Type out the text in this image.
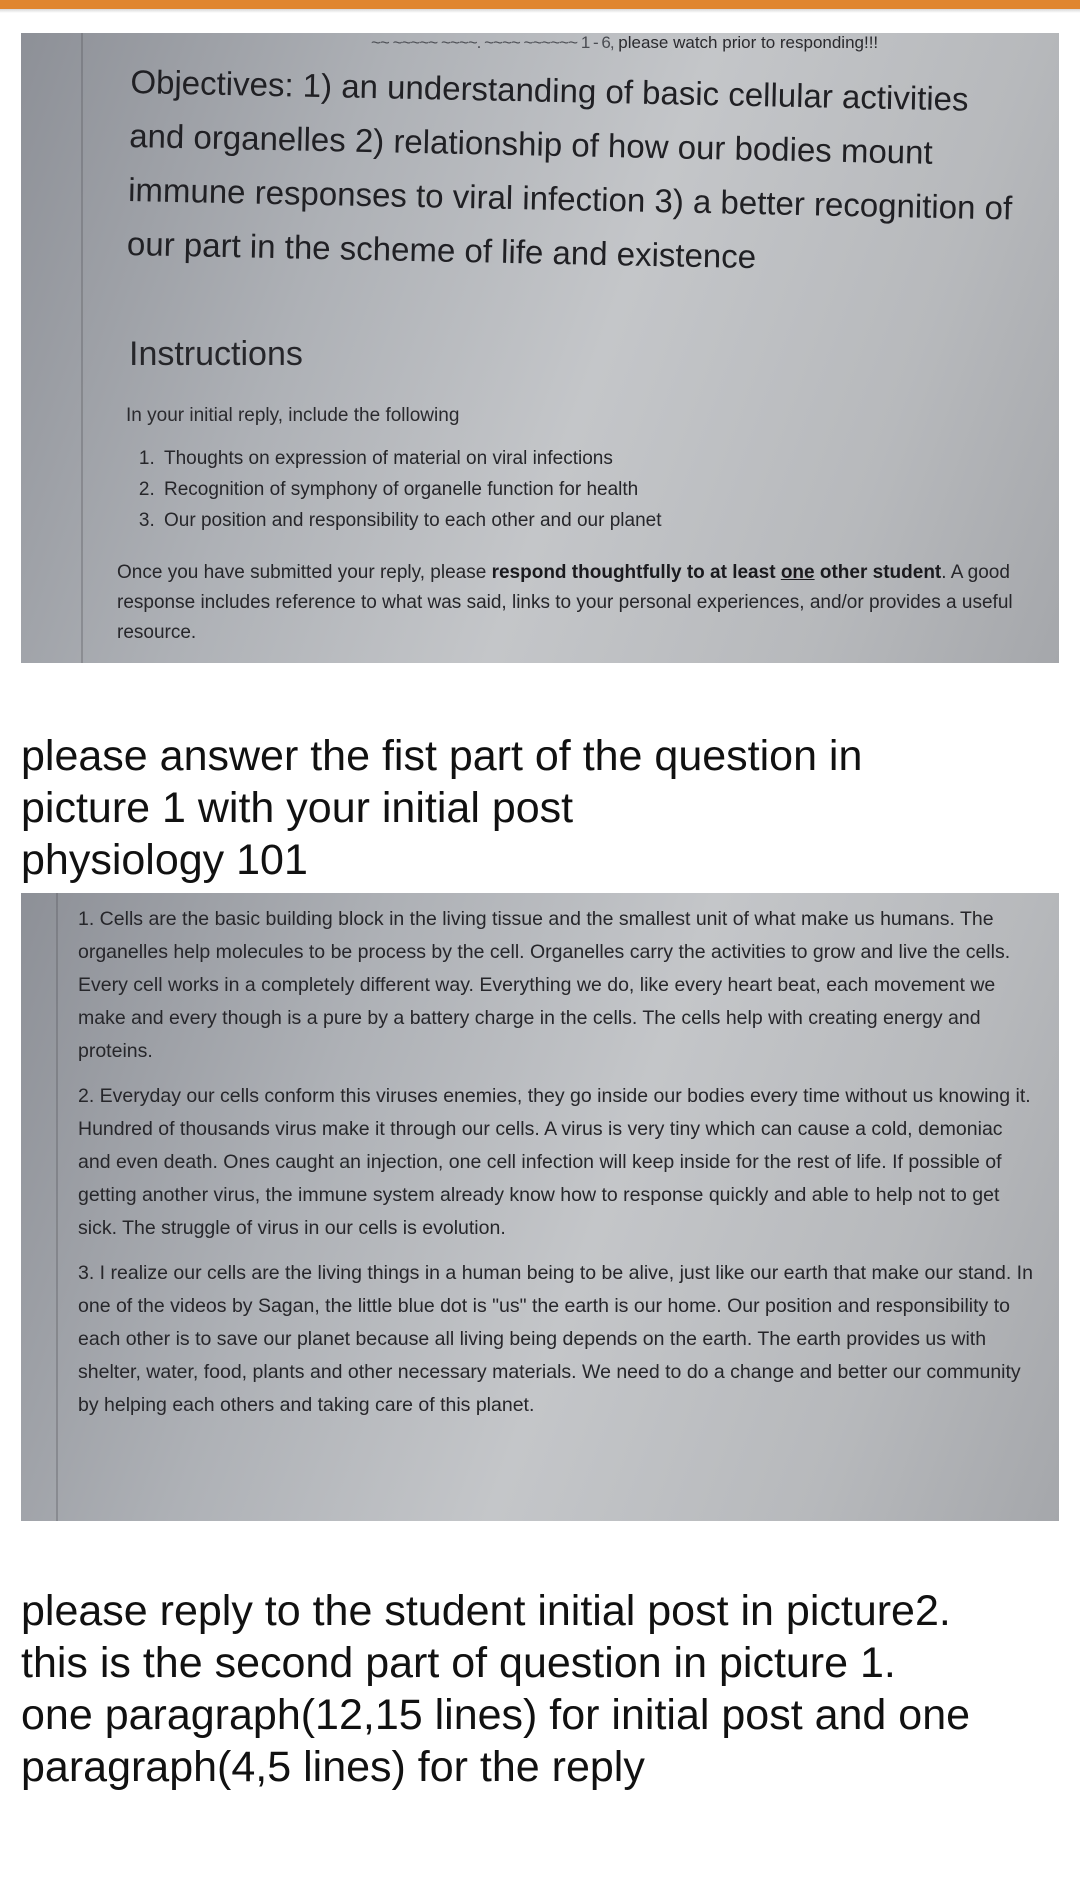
~~ ~~~~~ ~~~~. ~~~~ ~~~~~~ 1 - 6, please watch prior to responding!!!
Objectives: 1) an understanding of basic cellular activities and organelles 2) relationship of how our bodies mount immune responses to viral infection 3) a better recognition of our part in the scheme of life and existence
Instructions
In your initial reply, include the following
1. Thoughts on expression of material on viral infections
2. Recognition of symphony of organelle function for health
3. Our position and responsibility to each other and our planet
Once you have submitted your reply, please respond thoughtfully to at least one other student. A good response includes reference to what was said, links to your personal experiences, and/or provides a useful resource.
please answer the fist part of the question in
picture 1 with your initial post
physiology 101

1. Cells are the basic building block in the living tissue and the smallest unit of what make us humans. The organelles help molecules to be process by the cell. Organelles carry the activities to grow and live the cells. Every cell works in a completely different way. Everything we do, like every heart beat, each movement we make and every though is a pure by a battery charge in the cells. The cells help with creating energy and proteins.

2. Everyday our cells conform this viruses enemies, they go inside our bodies every time without us knowing it. Hundred of thousands virus make it through our cells. A virus is very tiny which can cause a cold, demoniac and even death. Ones caught an injection, one cell infection will keep inside for the rest of life. If possible of getting another virus, the immune system already know how to response quickly and able to help not to get sick. The struggle of virus in our cells is evolution.

3. I realize our cells are the living things in a human being to be alive, just like our earth that make our stand. In one of the videos by Sagan, the little blue dot is "us" the earth is our home. Our position and responsibility to each other is to save our planet because all living being depends on the earth. The earth provides us with shelter, water, food, plants and other necessary materials. We need to do a change and better our community by helping each others and taking care of this planet.

please reply to the student initial post in picture2.
this is the second part of question in picture 1.
one paragraph(12,15 lines) for initial post and one
paragraph(4,5 lines) for the reply
